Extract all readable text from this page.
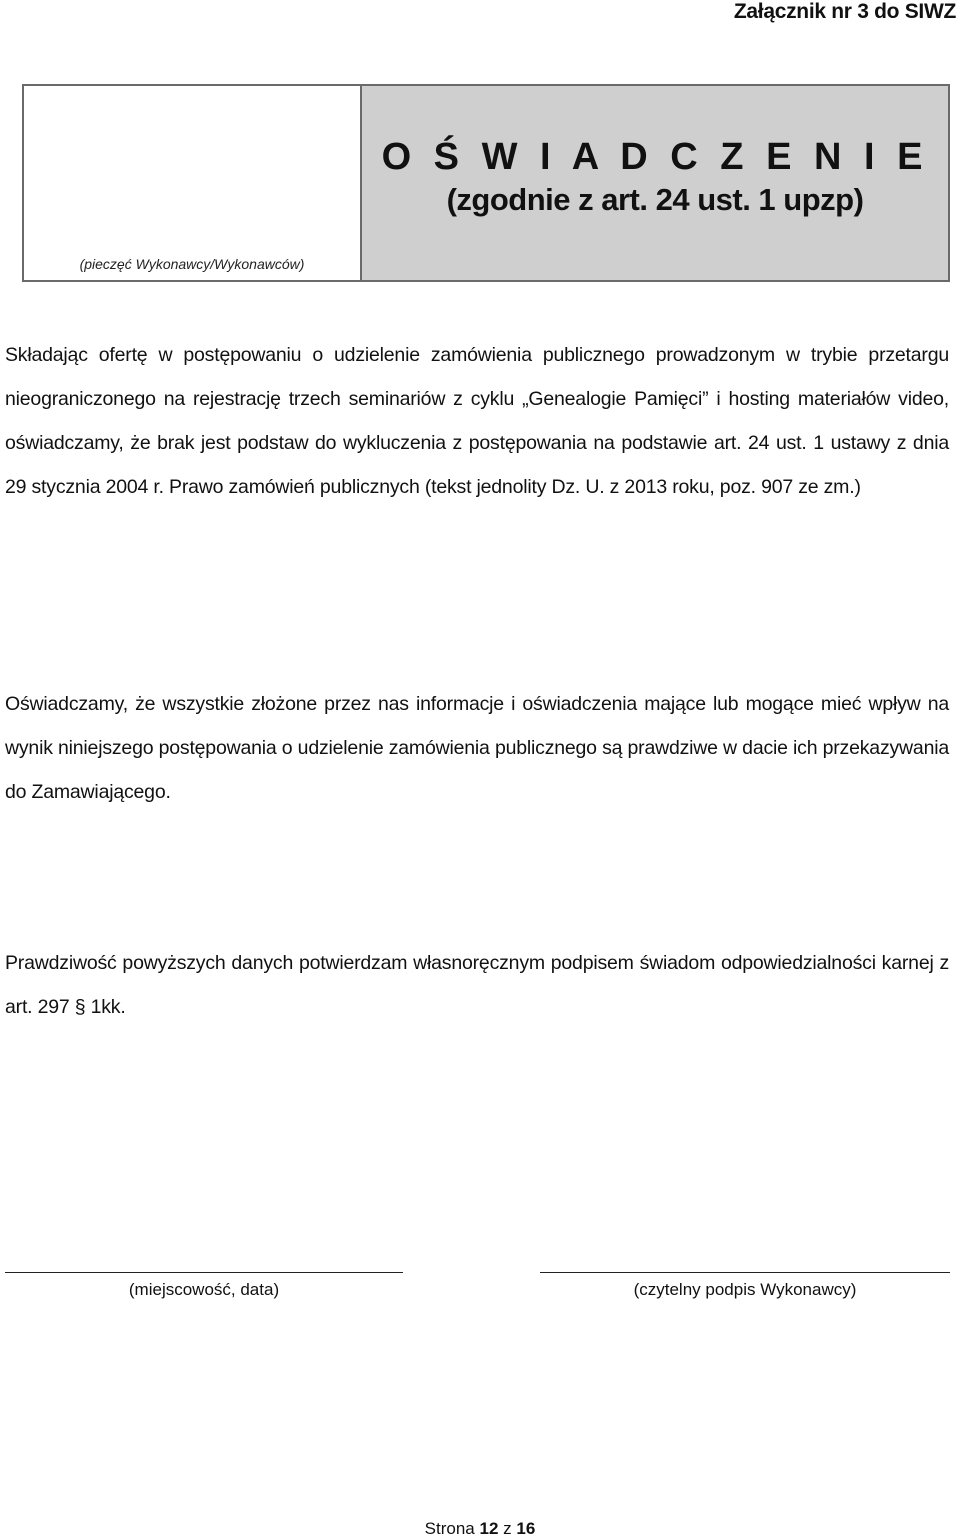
Załącznik nr 3 do SIWZ
(pieczęć Wykonawcy/Wykonawców)
O Ś W I A D C Z E N I E
(zgodnie z art. 24 ust. 1 upzp)
Składając ofertę w postępowaniu o udzielenie zamówienia publicznego prowadzonym w trybie przetargu nieograniczonego na rejestrację trzech seminariów z cyklu „Genealogie Pamięci” i hosting materiałów video, oświadczamy, że brak jest podstaw do wykluczenia z postępowania na podstawie art. 24 ust. 1 ustawy z dnia 29 stycznia 2004 r. Prawo zamówień publicznych (tekst jednolity Dz. U. z 2013 roku, poz. 907 ze zm.)
Oświadczamy, że wszystkie złożone przez nas informacje i oświadczenia mające lub mogące mieć wpływ na wynik niniejszego postępowania o udzielenie zamówienia publicznego są prawdziwe w dacie ich przekazywania do Zamawiającego.
Prawdziwość powyższych danych potwierdzam własnoręcznym podpisem świadom odpowiedzialności karnej z art. 297 § 1kk.
(miejscowość, data)	(czytelny podpis Wykonawcy)
Strona 12 z 16
